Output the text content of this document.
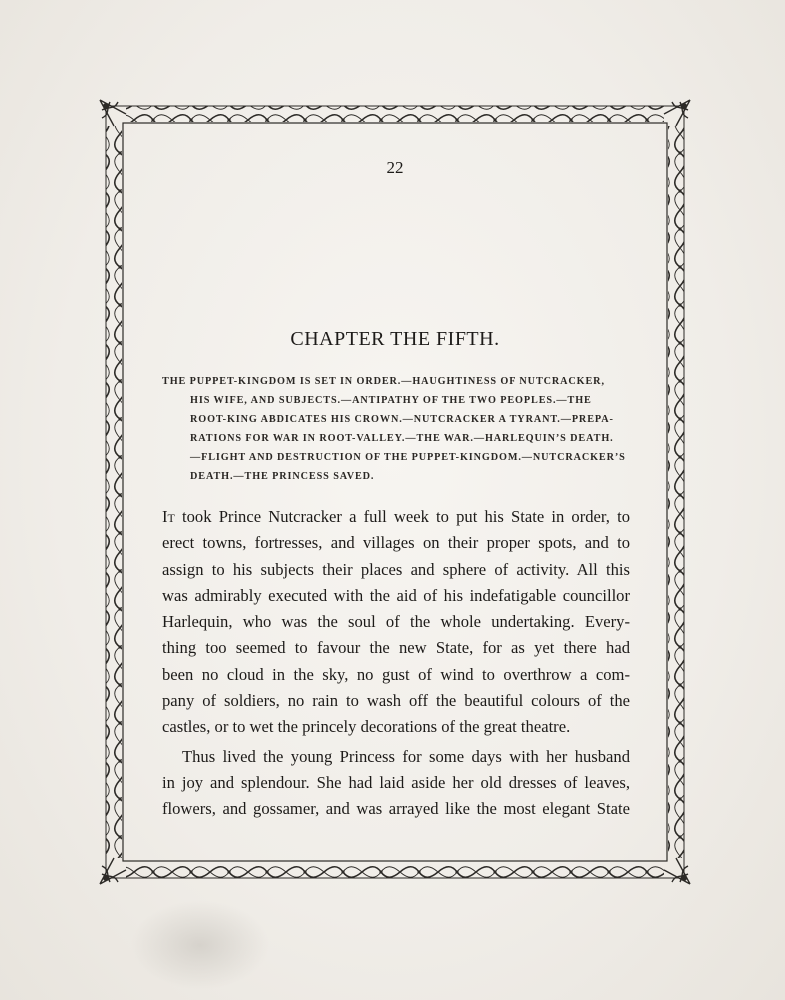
22
CHAPTER THE FIFTH.
THE PUPPET-KINGDOM IS SET IN ORDER.—HAUGHTINESS OF NUTCRACKER,
HIS WIFE, AND SUBJECTS.—ANTIPATHY OF THE TWO PEOPLES.—THE
ROOT-KING ABDICATES HIS CROWN.—NUTCRACKER A TYRANT.—PREPA-
RATIONS FOR WAR IN ROOT-VALLEY.—THE WAR.—HARLEQUIN’S DEATH.
—FLIGHT AND DESTRUCTION OF THE PUPPET-KINGDOM.—NUTCRACKER’S
DEATH.—THE PRINCESS SAVED.
It took Prince Nutcracker a full week to put his State in order, to
erect towns, fortresses, and villages on their proper spots, and to
assign to his subjects their places and sphere of activity. All this
was admirably executed with the aid of his indefatigable councillor
Harlequin, who was the soul of the whole undertaking. Every-
thing too seemed to favour the new State, for as yet there had
been no cloud in the sky, no gust of wind to overthrow a com-
pany of soldiers, no rain to wash off the beautiful colours of the
castles, or to wet the princely decorations of the great theatre.
Thus lived the young Princess for some days with her husband
in joy and splendour. She had laid aside her old dresses of leaves,
flowers, and gossamer, and was arrayed like the most elegant State
